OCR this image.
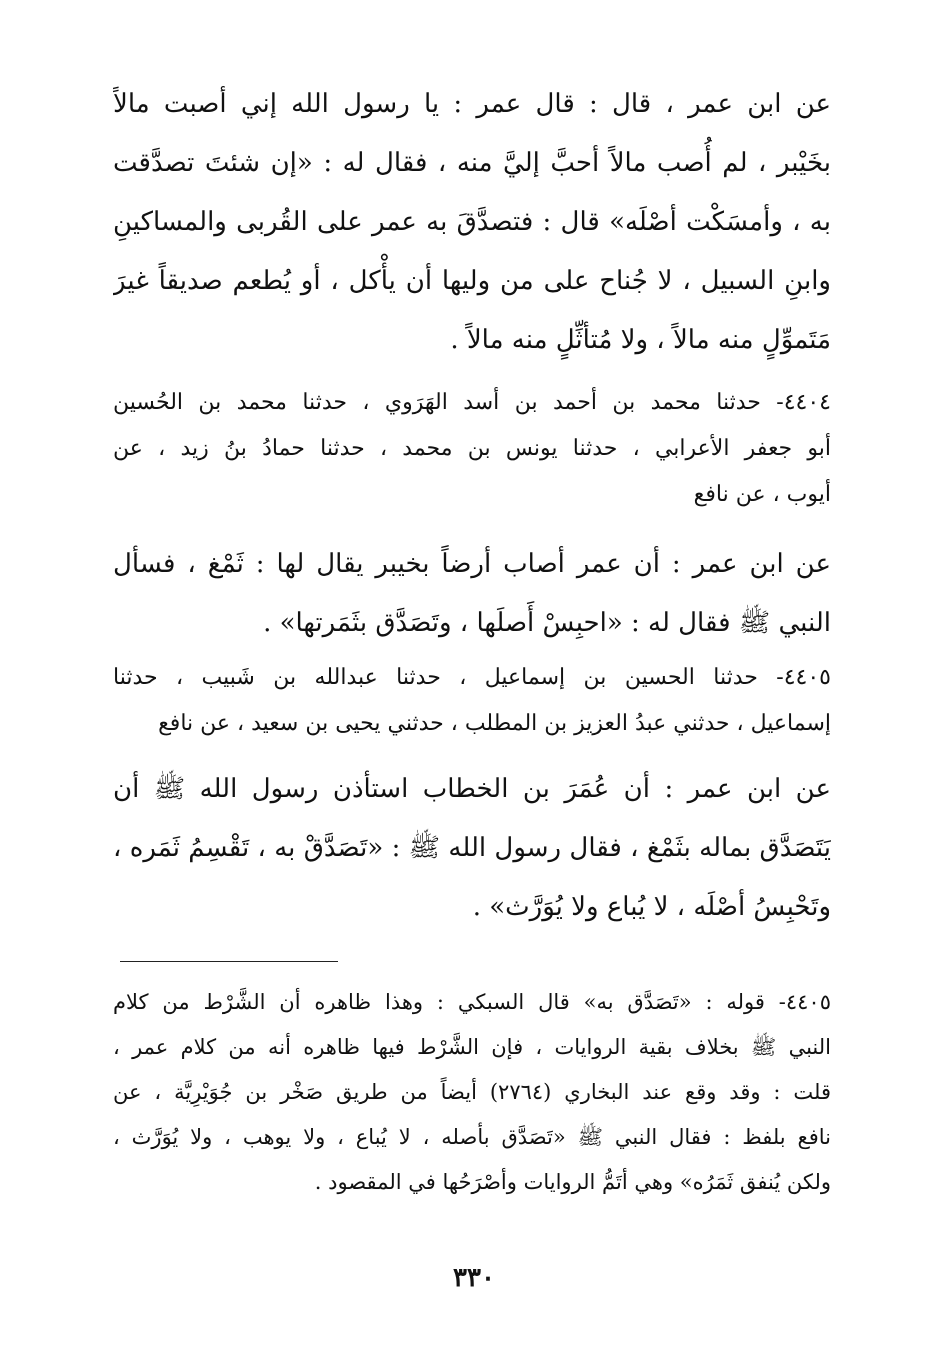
عن ابن عمر ، قال : قال عمر : يا رسول الله إني أصبت مالاً
بخَيْبر ، لم أُصب مالاً أحبَّ إليَّ منه ، فقال له : «إن شئتَ تصدَّقت
به ، وأمسَكْت أصْلَه» قال : فتصدَّقَ به عمر على القُربى والمساكينِ
وابنِ السبيل ، لا جُناح على من وليها أن يأْكل ، أو يُطعم صديقاً غيرَ
مَتَموِّلٍ منه مالاً ، ولا مُتأثِّلٍ منه مالاً .
٤٤٠٤- حدثنا محمد بن أحمد بن أسد الهَرَوي ، حدثنا محمد بن الحُسين
أبو جعفر الأعرابي ، حدثنا يونس بن محمد ، حدثنا حمادُ بنُ زيد ، عن
أيوب ، عن نافع
عن ابن عمر : أن عمر أصاب أرضاً بخيبر يقال لها : ثَمْغ ، فسأل
النبي ﷺ فقال له : «احبِسْ أَصلَها ، وتَصَدَّق بثَمَرتها» .
٤٤٠٥- حدثنا الحسين بن إسماعيل ، حدثنا عبدالله بن شَبيب ، حدثنا
إسماعيل ، حدثني عبدُ العزيز بن المطلب ، حدثني يحيى بن سعيد ، عن نافع
عن ابن عمر : أن عُمَرَ بن الخطاب استأذن رسول الله ﷺ أن
يَتَصَدَّق بماله بثَمْغ ، فقال رسول الله ﷺ : «تَصَدَّقْ به ، تَقْسِمُ ثَمَره ،
وتَحْبِسُ أصْلَه ، لا يُباع ولا يُوَرَّث» .
٤٤٠٥- قوله : «تَصَدَّق به» قال السبكي : وهذا ظاهره أن الشَّرْط من كلام
النبي ﷺ بخلاف بقية الروايات ، فإن الشَّرْط فيها ظاهره أنه من كلام عمر ،
قلت : وقد وقع عند البخاري (٢٧٦٤) أيضاً من طريق صَخْر بن جُوَيْرِيَّة ، عن
نافع بلفظ : فقال النبي ﷺ «تَصَدَّق بأصله ، لا يُباع ، ولا يوهب ، ولا يُوَرَّث ،
ولكن يُنفق ثَمَرُه» وهي أتَمُّ الروايات وأصْرَحُها في المقصود .
٣٣٠
